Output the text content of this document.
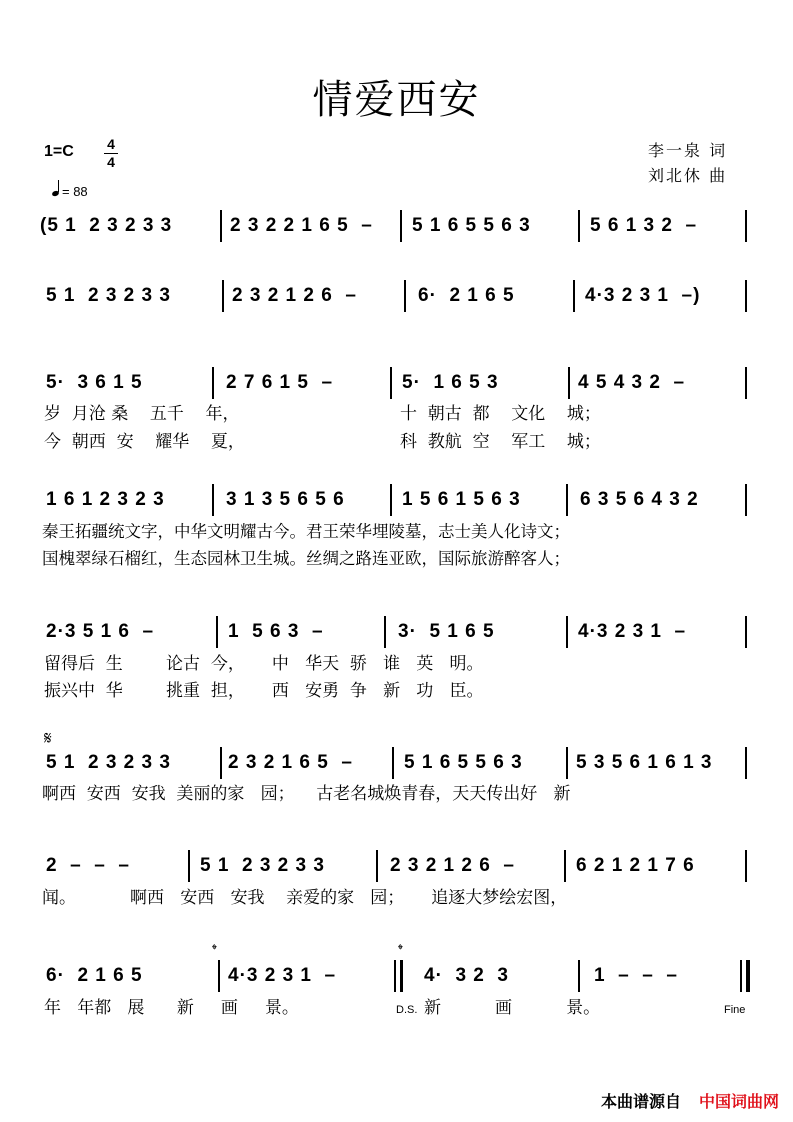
情爱西安
1=C	4
4
= 88
李一泉 词
刘北休 曲
(5 1  2 3 2 3 3	2 3 2 2 1 6 5  – 5 1 6 5 5 6 3	5 6 1 3 2  –
5 1  2 3 2 3 3	2 3 2 1 2 6  –	6·  2 1 6 5	4·3 2 3 1  –)
5·  3 6 1 5	2 7 6 1 5  –	5·  1 6 5 3	4 5 4 3 2  –
岁  月沧 桑    五千    年，	十  朝古  都    文化    城；
今  朝西  安    耀华    夏，	科  教航  空    军工    城；
1 6 1 2 3 2 3	3 1 3 5 6 5 6	1 5 6 1 5 6 3	6 3 5 6 4 3 2
秦王拓疆统文字，中华文明耀古今。君王荣华埋陵墓，志士美人化诗文；
国槐翠绿石榴红，生态园林卫生城。丝绸之路连亚欧，国际旅游醉客人；
2·3 5 1 6  –	1  5 6 3  –	3·  5 1 6 5	4·3 2 3 1  –
留得后  生        论古  今，     中   华天  骄   谁   英   明。
振兴中  华        挑重  担，     西   安勇  争   新   功   臣。
𝄋
5 1  2 3 2 3 3	2 3 2 1 6 5  –	5 1 6 5 5 6 3	5 3 5 6 1 6 1 3
啊西  安西  安我  美丽的家   园；    古老名城焕青春，天天传出好   新
2  –  –  –	5 1  2 3 2 3 3	2 3 2 1 2 6  –	6 2 1 2 1 7 6
闻。          啊西   安西   安我    亲爱的家   园；     追逐大梦绘宏图，
𝄌	𝄌
6·  2 1 6 5	4·3 2 3 1  –	4·  3 2  3	1  –  –  –
年   年都   展      新     画     景。	D.S. 新          画          景。	Fine
本曲谱源自 中国词曲网
